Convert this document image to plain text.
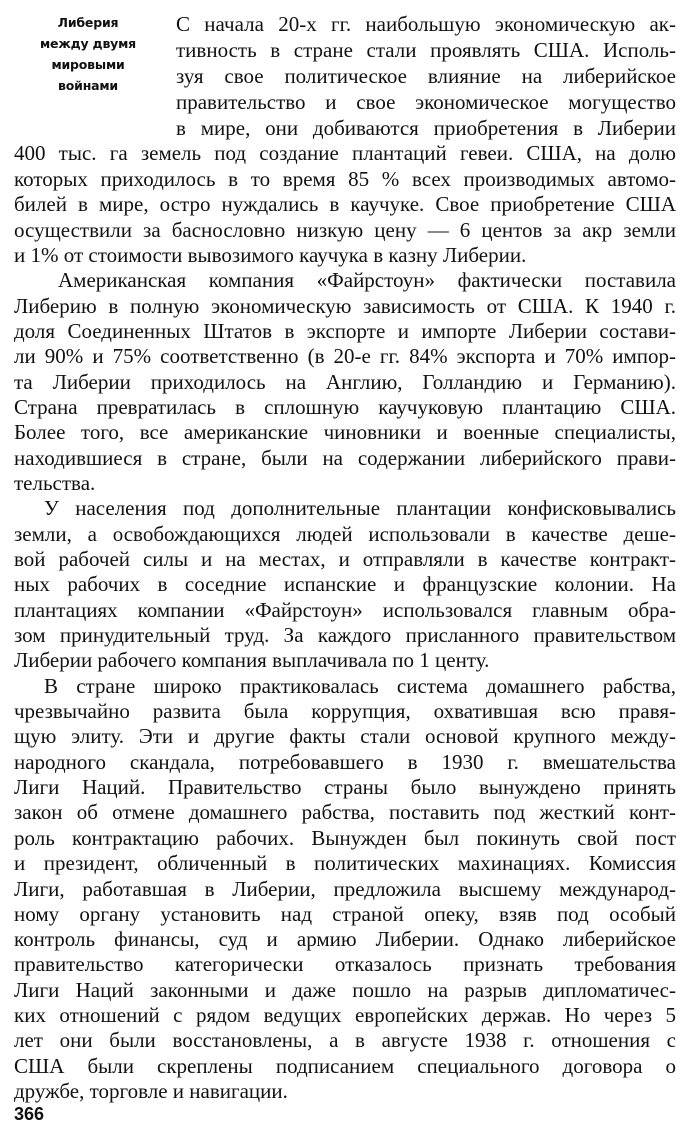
Либерия
между двумя
мировыми
войнами
С начала 20-х гг. наибольшую экономическую ак-
тивность в стране стали проявлять США. Исполь-
зуя свое политическое влияние на либерийское
правительство и свое экономическое могущество
в мире, они добиваются приобретения в Либерии
400 тыс. га земель под создание плантаций гевеи. США, на долю
которых приходилось в то время 85 % всех производимых автомо-
билей в мире, остро нуждались в каучуке. Свое приобретение США
осуществили за баснословно низкую цену — 6 центов за акр земли
и 1% от стоимости вывозимого каучука в казну Либерии.
Американская компания «Файрстоун» фактически поставила
Либерию в полную экономическую зависимость от США. К 1940 г.
доля Соединенных Штатов в экспорте и импорте Либерии состави-
ли 90% и 75% соответственно (в 20-е гг. 84% экспорта и 70% импор-
та Либерии приходилось на Англию, Голландию и Германию).
Страна превратилась в сплошную каучуковую плантацию США.
Более того, все американские чиновники и военные специалисты,
находившиеся в стране, были на содержании либерийского прави-
тельства.
У населения под дополнительные плантации конфисковывались
земли, а освобождающихся людей использовали в качестве деше-
вой рабочей силы и на местах, и отправляли в качестве контракт-
ных рабочих в соседние испанские и французские колонии. На
плантациях компании «Файрстоун» использовался главным обра-
зом принудительный труд. За каждого присланного правительством
Либерии рабочего компания выплачивала по 1 центу.
В стране широко практиковалась система домашнего рабства,
чрезвычайно развита была коррупция, охватившая всю правя-
щую элиту. Эти и другие факты стали основой крупного между-
народного скандала, потребовавшего в 1930 г. вмешательства
Лиги Наций. Правительство страны было вынуждено принять
закон об отмене домашнего рабства, поставить под жесткий конт-
роль контрактацию рабочих. Вынужден был покинуть свой пост
и президент, обличенный в политических махинациях. Комиссия
Лиги, работавшая в Либерии, предложила высшему международ-
ному органу установить над страной опеку, взяв под особый
контроль финансы, суд и армию Либерии. Однако либерийское
правительство категорически отказалось признать требования
Лиги Наций законными и даже пошло на разрыв дипломатичес-
ких отношений с рядом ведущих европейских держав. Но через 5
лет они были восстановлены, а в августе 1938 г. отношения с
США были скреплены подписанием специального договора о
дружбе, торговле и навигации.
366
